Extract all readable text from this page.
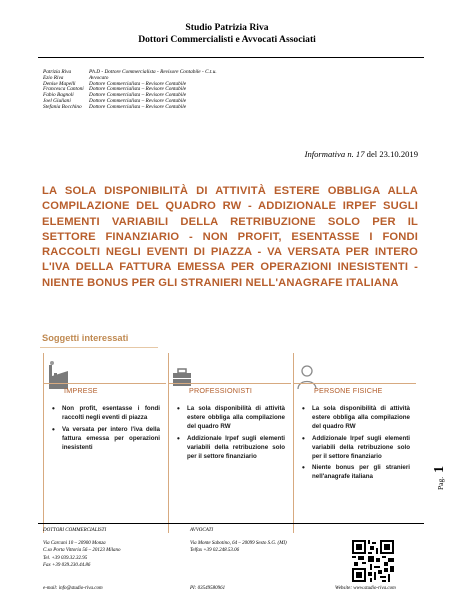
Studio Patrizia Riva
Dottori Commercialisti e Avvocati Associati
Patrizia Riva	Ph.D - Dottore Commercialista - Revisore Contabile - C.t.u.
Ezio Riva	Avvocato
Denise Mapelli	Dottore Commercialista – Revisore Contabile
Francesca Cantoni Dottore Commercialista – Revisore Contabile
Fabio Bagnoli	Dottore Commercialista – Revisore Contabile
Joel Giuliani	Dottore Commercialista – Revisore Contabile
Stefania Bocchino	Dottore Commercialista – Revisore Contabile
Informativa n. 17 del 23.10.2019
LA SOLA DISPONIBILITÀ DI ATTIVITÀ ESTERE OBBLIGA ALLA COMPILAZIONE DEL QUADRO RW - ADDIZIONALE IRPEF SUGLI ELEMENTI VARIABILI DELLA RETRIBUZIONE SOLO PER IL SETTORE FINANZIARIO - NON PROFIT, ESENTASSE I FONDI RACCOLTI NEGLI EVENTI DI PIAZZA - VA VERSATA PER INTERO L'IVA DELLA FATTURA EMESSA PER OPERAZIONI INESISTENTI - NIENTE BONUS PER GLI STRANIERI NELL'ANAGRAFE ITALIANA
Soggetti interessati
IMPRESE
• Non profit, esentasse i fondi raccolti negli eventi di piazza
• Va versata per intero l'iva della fattura emessa per operazioni inesistenti
PROFESSIONISTI
• La sola disponibilità di attività estere obbliga alla compilazione del quadro RW
• Addizionale Irpef sugli elementi variabili della retribuzione solo per il settore finanziario
PERSONE FISICHE
• La sola disponibilità di attività estere obbliga alla compilazione del quadro RW
• Addizionale Irpef sugli elementi variabili della retribuzione solo per il settore finanziario
• Niente bonus per gli stranieri nell'anagrafe italiana
Pag. 1
DOTTORI COMMERCIALISTI
Via Carcani 10 – 20900 Monza
C.so Porta Vittoria 56 – 20123 Milano
Tel. +39 039.32.32.95
Fax +39 039.230.44.86
AVVOCATI
Via Monte Sabotino, 64 – 20099 Sesto S.G. (MI)
Telfax +39 02.248.53.06
e-mail: info@studio-riva.com	PI: 03549580961	Website: www.studio-riva.com
